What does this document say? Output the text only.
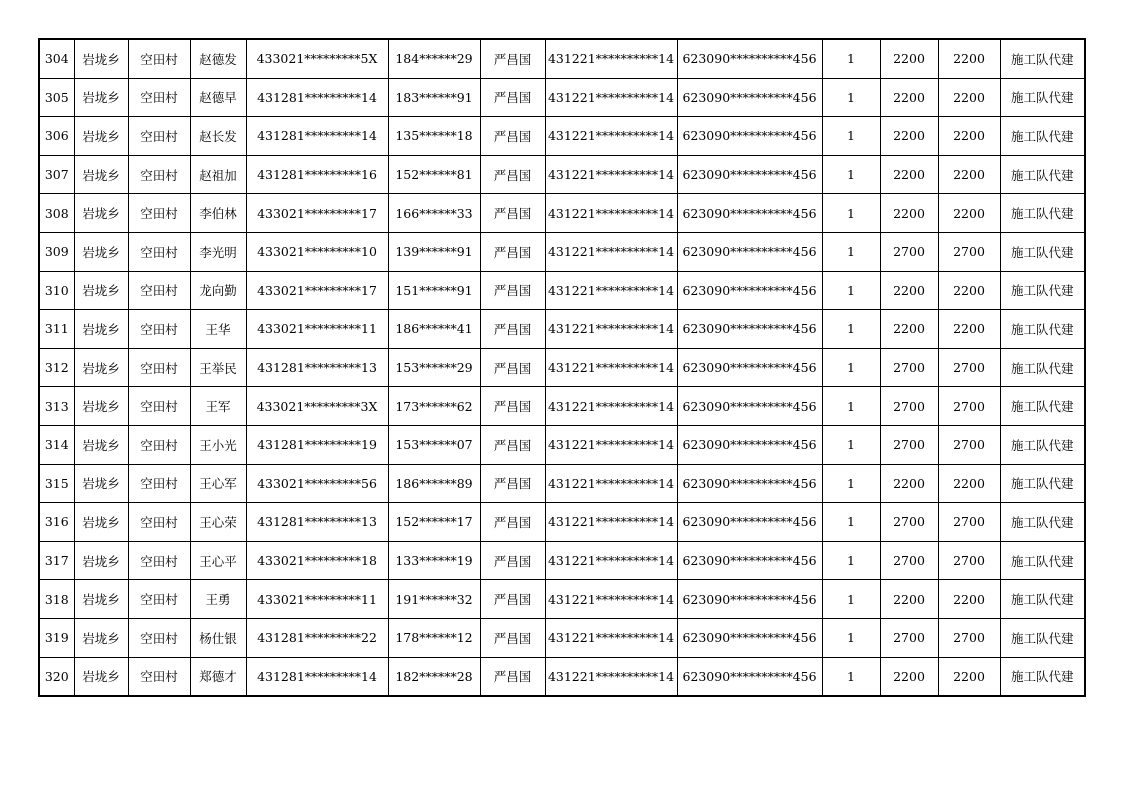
304	岩垅乡	空田村	赵德发	433021*********5X	184******29	严昌国	431221**********14	623090**********456	1	2200	2200	施工队代建
305	岩垅乡	空田村	赵德早	431281*********14	183******91	严昌国	431221**********14	623090**********456	1	2200	2200	施工队代建
306	岩垅乡	空田村	赵长发	431281*********14	135******18	严昌国	431221**********14	623090**********456	1	2200	2200	施工队代建
307	岩垅乡	空田村	赵祖加	431281*********16	152******81	严昌国	431221**********14	623090**********456	1	2200	2200	施工队代建
308	岩垅乡	空田村	李伯林	433021*********17	166******33	严昌国	431221**********14	623090**********456	1	2200	2200	施工队代建
309	岩垅乡	空田村	李光明	433021*********10	139******91	严昌国	431221**********14	623090**********456	1	2700	2700	施工队代建
310	岩垅乡	空田村	龙向勤	433021*********17	151******91	严昌国	431221**********14	623090**********456	1	2200	2200	施工队代建
311	岩垅乡	空田村	王华	433021*********11	186******41	严昌国	431221**********14	623090**********456	1	2200	2200	施工队代建
312	岩垅乡	空田村	王举民	431281*********13	153******29	严昌国	431221**********14	623090**********456	1	2700	2700	施工队代建
313	岩垅乡	空田村	王军	433021*********3X	173******62	严昌国	431221**********14	623090**********456	1	2700	2700	施工队代建
314	岩垅乡	空田村	王小光	431281*********19	153******07	严昌国	431221**********14	623090**********456	1	2700	2700	施工队代建
315	岩垅乡	空田村	王心军	433021*********56	186******89	严昌国	431221**********14	623090**********456	1	2200	2200	施工队代建
316	岩垅乡	空田村	王心荣	431281*********13	152******17	严昌国	431221**********14	623090**********456	1	2700	2700	施工队代建
317	岩垅乡	空田村	王心平	433021*********18	133******19	严昌国	431221**********14	623090**********456	1	2700	2700	施工队代建
318	岩垅乡	空田村	王勇	433021*********11	191******32	严昌国	431221**********14	623090**********456	1	2200	2200	施工队代建
319	岩垅乡	空田村	杨仕银	431281*********22	178******12	严昌国	431221**********14	623090**********456	1	2700	2700	施工队代建
320	岩垅乡	空田村	郑德才	431281*********14	182******28	严昌国	431221**********14	623090**********456	1	2200	2200	施工队代建
